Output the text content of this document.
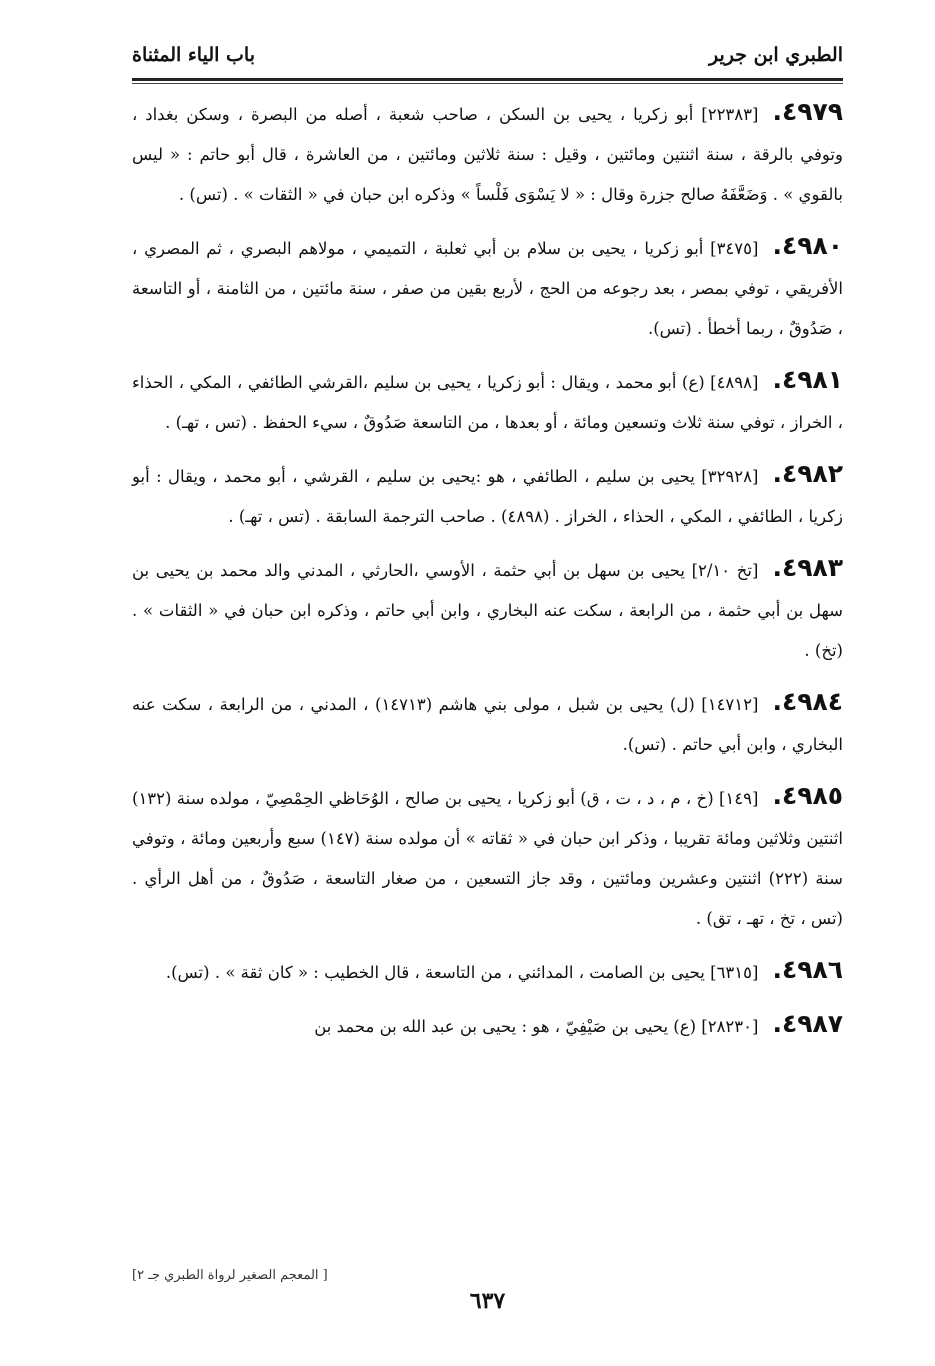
الطبري ابن جرير
باب الياء المثناة

٤٩٧٩.[٢٢٣٨٣] أبو زكريا ، يحيى بن السكن ، صاحب شعبة ، أصله من البصرة ، وسكن بغداد ، وتوفي بالرقة ، سنة اثنتين ومائتين ، وقيل : سنة ثلاثين ومائتين ، من العاشرة ، قال أبو حاتم : « ليس بالقوي » . وَضَعَّفَهُ صالح جزرة وقال : « لا يَسْوَى فَلْساً » وذكره ابن حبان في « الثقات » . (تس) .

٤٩٨٠.[٣٤٧٥] أبو زكريا ، يحيى بن سلام بن أبي ثعلبة ، التميمي ، مولاهم البصري ، ثم المصري ، الأفريقي ، توفي بمصر ، بعد رجوعه من الحج ، لأربع بقين من صفر ، سنة مائتين ، من الثامنة ، أو التاسعة ، صَدُوقٌ ، ربما أخطأ . (تس).

٤٩٨١.[٤٨٩٨] (ع) أبو محمد ، ويقال : أبو زكريا ، يحيى بن سليم ،القرشي الطائفي ، المكي ، الحذاء ، الخراز ، توفي سنة ثلاث وتسعين ومائة ، أو بعدها ، من التاسعة صَدُوقٌ ، سيء الحفظ . (تس ، تهـ) .

٤٩٨٢.[٣٢٩٢٨] يحيى بن سليم ، الطائفي ، هو :يحيى بن سليم ، القرشي ، أبو محمد ، ويقال : أبو زكريا ، الطائفي ، المكي ، الحذاء ، الخراز . (٤٨٩٨) . صاحب الترجمة السابقة . (تس ، تهـ) .

٤٩٨٣.[تخ ٢/١٠] يحيى بن سهل بن أبي حثمة ، الأوسي ،الحارثي ، المدني والد محمد بن يحيى بن سهل بن أبي حثمة ، من الرابعة ، سكت عنه البخاري ، وابن أبي حاتم ، وذكره ابن حبان في « الثقات » . (تخ) .

٤٩٨٤.[١٤٧١٢] (ل) يحيى بن شبل ، مولى بني هاشم (١٤٧١٣) ، المدني ، من الرابعة ، سكت عنه البخاري ، وابن أبي حاتم . (تس).

٤٩٨٥.[١٤٩] (خ ، م ، د ، ت ، ق) أبو زكريا ، يحيى بن صالح ، الوُحَاظي الحِمْصِيّ ، مولده سنة (١٣٢) اثنتين وثلاثين ومائة تقريبا ، وذكر ابن حبان في « ثقاته » أن مولده سنة (١٤٧) سبع وأربعين ومائة ، وتوفي سنة (٢٢٢) اثنتين وعشرين ومائتين ، وقد جاز التسعين ، من صغار التاسعة ، صَدُوقٌ ، من أهل الرأي . (تس ، تخ ، تهـ ، تق) .

٤٩٨٦.[٦٣١٥] يحيى بن الصامت ، المدائني ، من التاسعة ، قال الخطيب : « كان ثقة » . (تس).

٤٩٨٧.[٢٨٢٣٠] (ع) يحيى بن صَيْفِيّ ، هو : يحيى بن عبد الله بن محمد بن

٦٣٧
[ المعجم الصغير لرواة الطبري جـ ٢]
